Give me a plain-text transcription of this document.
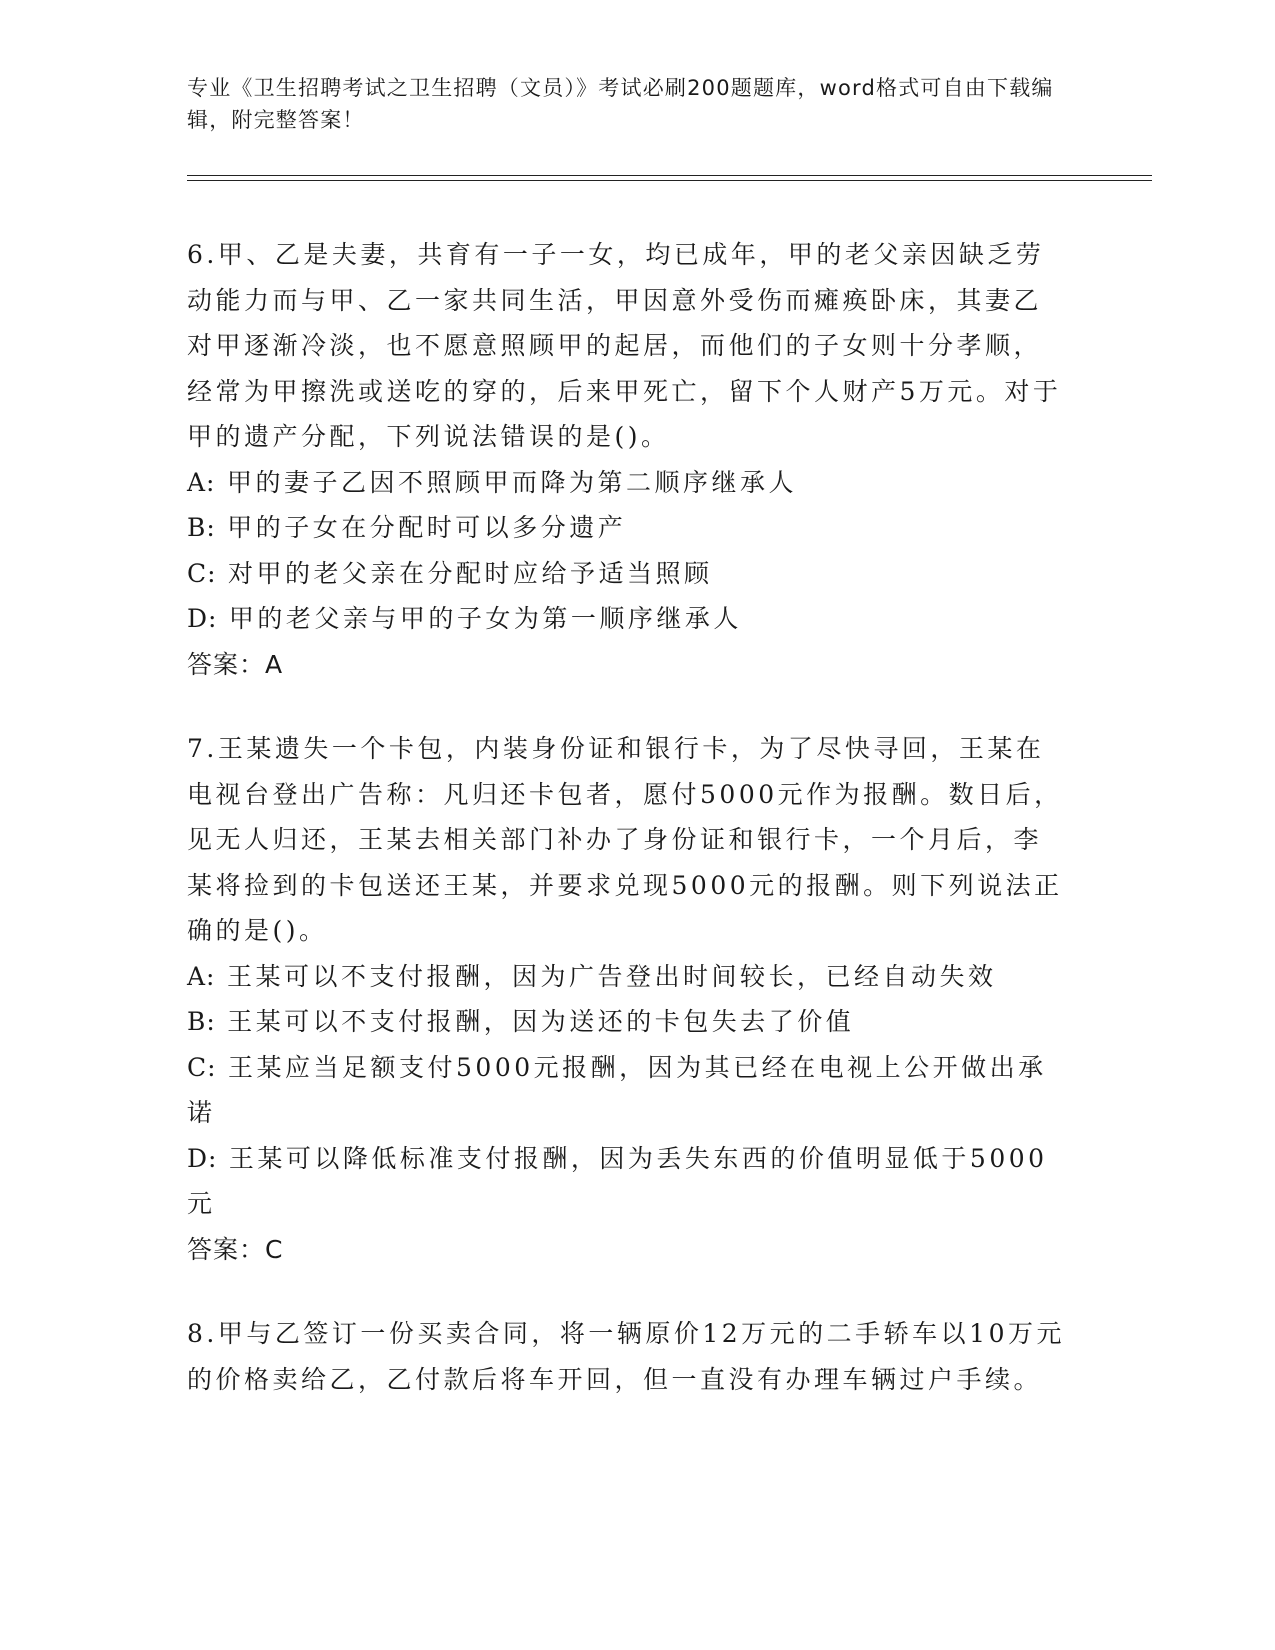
专业《卫生招聘考试之卫生招聘（文员）》考试必刷200题题库，word格式可自由下载编辑，附完整答案！

6.甲、乙是夫妻，共育有一子一女，均已成年，甲的老父亲因缺乏劳动能力而与甲、乙一家共同生活，甲因意外受伤而瘫痪卧床，其妻乙对甲逐渐冷淡，也不愿意照顾甲的起居，而他们的子女则十分孝顺，经常为甲擦洗或送吃的穿的，后来甲死亡，留下个人财产5万元。对于甲的遗产分配，下列说法错误的是()。

A: 甲的妻子乙因不照顾甲而降为第二顺序继承人

B: 甲的子女在分配时可以多分遗产

C: 对甲的老父亲在分配时应给予适当照顾

D: 甲的老父亲与甲的子女为第一顺序继承人

答案：A

7.王某遗失一个卡包，内装身份证和银行卡，为了尽快寻回，王某在电视台登出广告称：凡归还卡包者，愿付5000元作为报酬。数日后，见无人归还，王某去相关部门补办了身份证和银行卡，一个月后，李某将捡到的卡包送还王某，并要求兑现5000元的报酬。则下列说法正确的是()。

A: 王某可以不支付报酬，因为广告登出时间较长，已经自动失效

B: 王某可以不支付报酬，因为送还的卡包失去了价值

C: 王某应当足额支付5000元报酬，因为其已经在电视上公开做出承诺

D: 王某可以降低标准支付报酬，因为丢失东西的价值明显低于5000元

答案：C

8.甲与乙签订一份买卖合同，将一辆原价12万元的二手轿车以10万元的价格卖给乙，乙付款后将车开回，但一直没有办理车辆过户手续。
